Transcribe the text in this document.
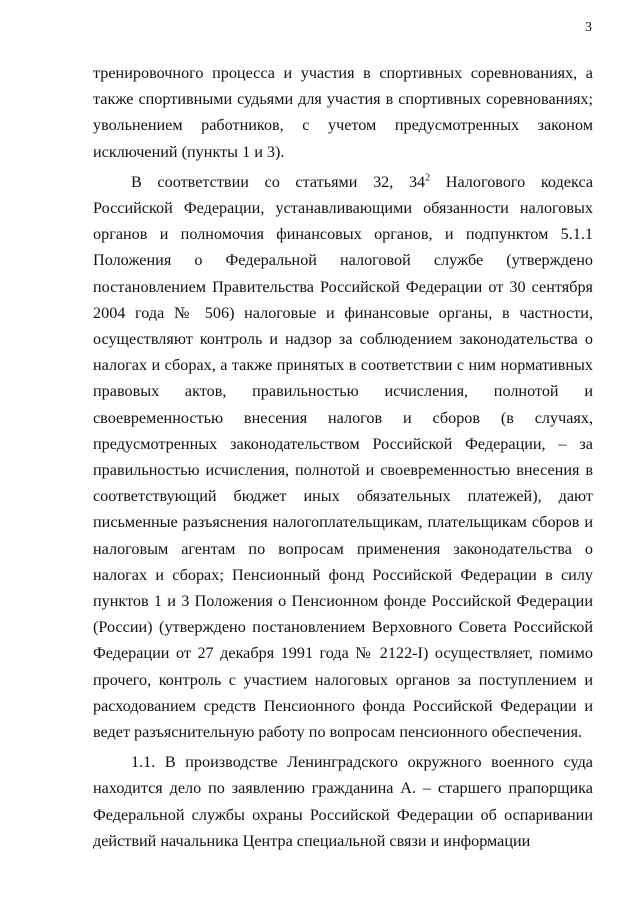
3

тренировочного процесса и участия в спортивных соревнованиях, а также спортивными судьями для участия в спортивных соревнованиях; увольнением работников, с учетом предусмотренных законом исключений (пункты 1 и 3).

В соответствии со статьями 32, $34^2$ Налогового кодекса Российской Федерации, устанавливающими обязанности налоговых органов и полномочия финансовых органов, и подпунктом 5.1.1 Положения о Федеральной налоговой службе (утверждено постановлением Правительства Российской Федерации от 30 сентября 2004 года № 506) налоговые и финансовые органы, в частности, осуществляют контроль и надзор за соблюдением законодательства о налогах и сборах, а также принятых в соответствии с ним нормативных правовых актов, правильностью исчисления, полнотой и своевременностью внесения налогов и сборов (в случаях, предусмотренных законодательством Российской Федерации, – за правильностью исчисления, полнотой и своевременностью внесения в соответствующий бюджет иных обязательных платежей), дают письменные разъяснения налогоплательщикам, плательщикам сборов и налоговым агентам по вопросам применения законодательства о налогах и сборах; Пенсионный фонд Российской Федерации в силу пунктов 1 и 3 Положения о Пенсионном фонде Российской Федерации (России) (утверждено постановлением Верховного Совета Российской Федерации от 27 декабря 1991 года № 2122-I) осуществляет, помимо прочего, контроль с участием налоговых органов за поступлением и расходованием средств Пенсионного фонда Российской Федерации и ведет разъяснительную работу по вопросам пенсионного обеспечения.

1.1. В производстве Ленинградского окружного военного суда находится дело по заявлению гражданина А. – старшего прапорщика Федеральной службы охраны Российской Федерации об оспаривании действий начальника Центра специальной связи и информации
